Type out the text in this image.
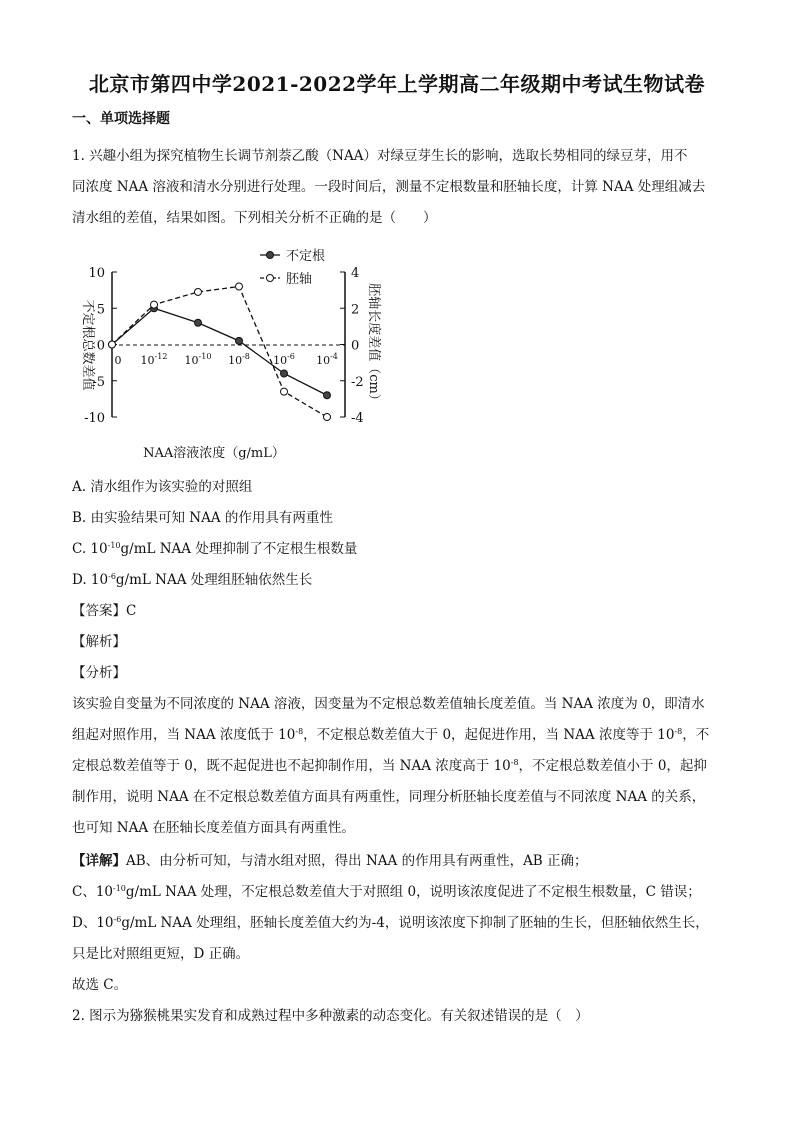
北京市第四中学2021-2022学年上学期高二年级期中考试生物试卷
一、单项选择题
1. 兴趣小组为探究植物生长调节剂萘乙酸（NAA）对绿豆芽生长的影响，选取长势相同的绿豆芽，用不
同浓度 NAA 溶液和清水分别进行处理。一段时间后，测量不定根数量和胚轴长度，计算 NAA 处理组减去
清水组的差值，结果如图。下列相关分析不正确的是（　　）
10
5
0
-5
-10
4
2
0
-2
-4
0 $10^{-12}$ $10^{-10}$ $10^{-8}$ $10^{-6}$ $10^{-4}$
不定根
胚轴
不定根总数差值	胚轴长度差值（cm）
NAA溶液浓度（g/mL）
A. 清水组作为该实验的对照组
B. 由实验结果可知 NAA 的作用具有两重性
C. $10^{-10}g/mL$ NAA 处理抑制了不定根生根数量
D. $10^{-6}g/mL$ NAA 处理组胚轴依然生长
【答案】C
【解析】
【分析】
该实验自变量为不同浓度的 NAA 溶液，因变量为不定根总数差值轴长度差值。当 NAA 浓度为 0，即清水
组起对照作用，当 NAA 浓度低于 $10^{-8}$，不定根总数差值大于 0，起促进作用，当 NAA 浓度等于 $10^{-8}$，不
定根总数差值等于 0，既不起促进也不起抑制作用，当 NAA 浓度高于 $10^{-8}$，不定根总数差值小于 0，起抑
制作用，说明 NAA 在不定根总数差值方面具有两重性，同理分析胚轴长度差值与不同浓度 NAA 的关系，
也可知 NAA 在胚轴长度差值方面具有两重性。
【详解】AB、由分析可知，与清水组对照，得出 NAA 的作用具有两重性，AB 正确；
C、$10^{-10}g/mL$ NAA 处理，不定根总数差值大于对照组 0，说明该浓度促进了不定根生根数量，C 错误；
D、$10^{-6}g/mL$ NAA 处理组，胚轴长度差值大约为-4，说明该浓度下抑制了胚轴的生长，但胚轴依然生长，
只是比对照组更短，D 正确。
故选 C。
2. 图示为猕猴桃果实发育和成熟过程中多种激素的动态变化。有关叙述错误的是（　）
